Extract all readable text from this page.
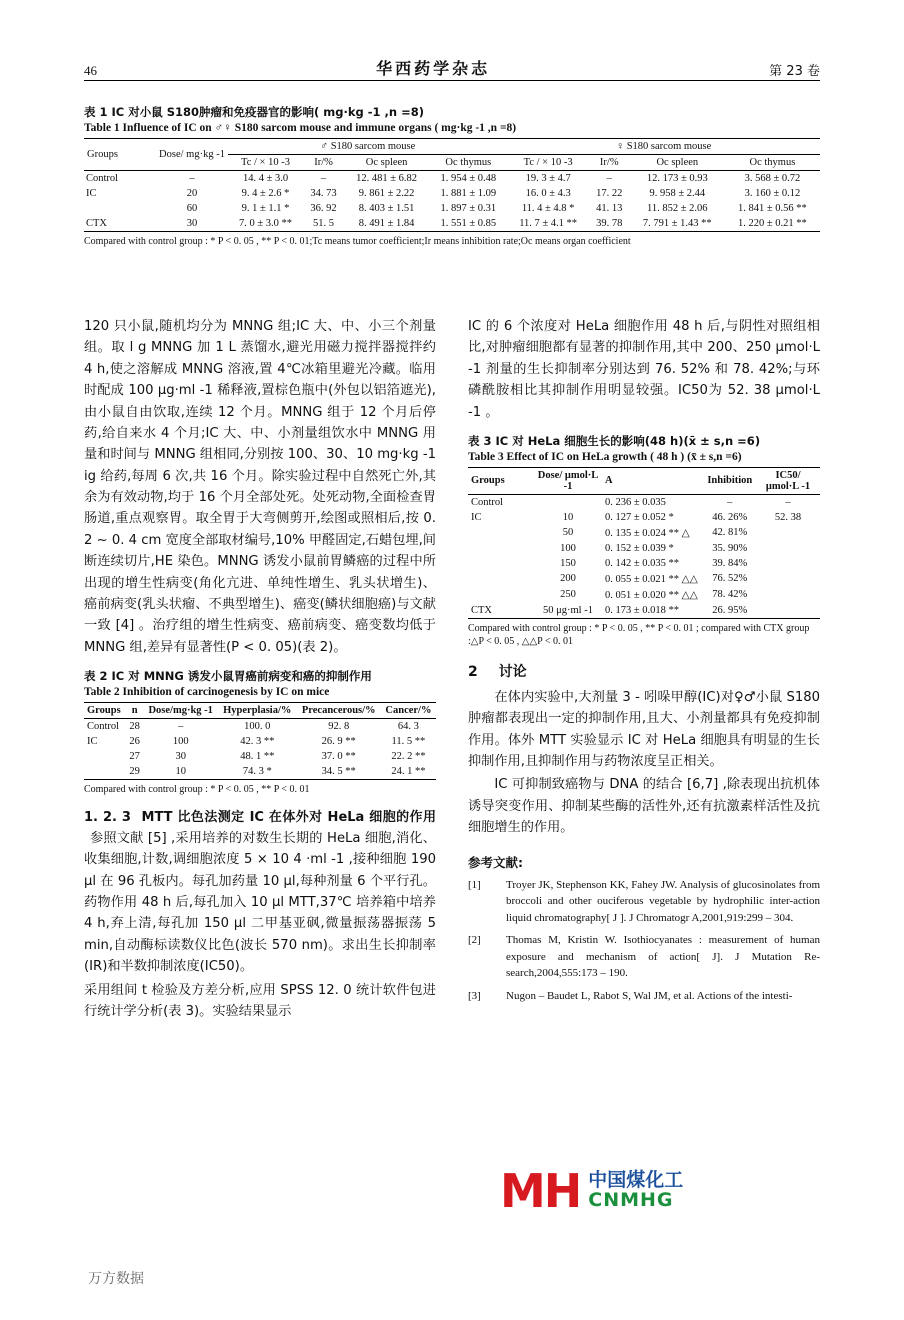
46	华西药学杂志	第 23 卷
表 1 IC 对小鼠 S180肿瘤和免疫器官的影响( mg·kg -1 ,n =8)
Table 1 Influence of IC on ♂♀ S180 sarcom mouse and immune organs ( mg·kg -1 ,n =8)
Groups	Dose/ mg·kg -1	♂ S180 sarcom mouse				♀ S180 sarcom mouse			
		Tc / × 10 -3	Ir/%	Oc spleen	Oc thymus	Tc / × 10 -3	Ir/%	Oc spleen	Oc thymus
Control	–	14. 4 ± 3.0	–	12. 481 ± 6.82	1. 954 ± 0.48	19. 3 ± 4.7	–	12. 173 ± 0.93	3. 568 ± 0.72
IC	20	9. 4 ± 2.6 *	34. 73	9. 861 ± 2.22	1. 881 ± 1.09	16. 0 ± 4.3	17. 22	9. 958 ± 2.44	3. 160 ± 0.12
	60	9. 1 ± 1.1 *	36. 92	8. 403 ± 1.51	1. 897 ± 0.31	11. 4 ± 4.8 *	41. 13	11. 852 ± 2.06	1. 841 ± 0.56 **
CTX	30	7. 0 ± 3.0 **	51. 5	8. 491 ± 1.84	1. 551 ± 0.85	11. 7 ± 4.1 **	39. 78	7. 791 ± 1.43 **	1. 220 ± 0.21 **
Compared with control group : * P < 0. 05 , ** P < 0. 01;Tc means tumor coefficient;Ir means inhibition rate;Oc means organ coefficient
120 只小鼠,随机均分为 MNNG 组;IC 大、中、小三个剂量组。取 l g MNNG 加 1 L 蒸馏水,避光用磁力搅拌器搅拌约 4 h,使之溶解成 MNNG 溶液,置 4℃冰箱里避光冷藏。临用时配成 100 μg·ml -1 稀释液,置棕色瓶中(外包以铝箔遮光),由小鼠自由饮取,连续 12 个月。MNNG 组于 12 个月后停药,给自来水 4 个月;IC 大、中、小剂量组饮水中 MNNG 用量和时间与 MNNG 组相同,分别按 100、30、10 mg·kg -1 ig 给药,每周 6 次,共 16 个月。除实验过程中自然死亡外,其余为有效动物,均于 16 个月全部处死。处死动物,全面检查胃肠道,重点观察胃。取全胃于大弯侧剪开,绘图或照相后,按 0. 2 ~ 0. 4 cm 宽度全部取材编号,10% 甲醛固定,石蜡包埋,间断连续切片,HE 染色。MNNG 诱发小鼠前胃鳞癌的过程中所出现的增生性病变(角化亢进、单纯性增生、乳头状增生)、癌前病变(乳头状瘤、不典型增生)、癌变(鳞状细胞癌)与文献一致 [4] 。治疗组的增生性病变、癌前病变、癌变数均低于 MNNG 组,差异有显著性(P < 0. 05)(表 2)。
表 2 IC 对 MNNG 诱发小鼠胃癌前病变和癌的抑制作用
Table 2 Inhibition of carcinogenesis by IC on mice
Groups	n	Dose/mg·kg -1	Hyperplasia/%	Precancerous/%	Cancer/%
Control	28	–	100. 0	92. 8	64. 3
IC	26	100	42. 3 **	26. 9 **	11. 5 **
	27	30	48. 1 **	37. 0 **	22. 2 **
	29	10	74. 3 *	34. 5 **	24. 1 **
Compared with control group : * P < 0. 05 , ** P < 0. 01
1. 2. 3 MTT 比色法测定 IC 在体外对 HeLa 细胞的作用 参照文献 [5] ,采用培养的对数生长期的 HeLa 细胞,消化、收集细胞,计数,调细胞浓度 5 × 10 4 ·ml -1 ,接种细胞 190 μl 在 96 孔板内。每孔加药量 10 μl,每种剂量 6 个平行孔。药物作用 48 h 后,每孔加入 10 μl MTT,37℃ 培养箱中培养 4 h,弃上清,每孔加 150 μl 二甲基亚砜,微量振荡器振荡 5 min,自动酶标读数仪比色(波长 570 nm)。求出生长抑制率(IR)和半数抑制浓度(IC50)。
采用组间 t 检验及方差分析,应用 SPSS 12. 0 统计软件包进行统计学分析(表 3)。实验结果显示
IC 的 6 个浓度对 HeLa 细胞作用 48 h 后,与阴性对照组相比,对肿瘤细胞都有显著的抑制作用,其中 200、250 μmol·L -1 剂量的生长抑制率分别达到 76. 52% 和 78. 42%;与环磷酰胺相比其抑制作用明显较强。IC50为 52. 38 μmol·L -1 。
表 3 IC 对 HeLa 细胞生长的影响(48 h)(x̄ ± s,n =6)
Table 3 Effect of IC on HeLa growth ( 48 h ) (x̄ ± s,n =6)
Groups	Dose/ μmol·L -1	A	Inhibition	IC50/ μmol·L -1
Control		0. 236 ± 0.035	–	–
IC	10	0. 127 ± 0.052 *	46. 26%	52. 38
	50	0. 135 ± 0.024 ** △	42. 81%	
	100	0. 152 ± 0.039 *	35. 90%	
	150	0. 142 ± 0.035 **	39. 84%	
	200	0. 055 ± 0.021 ** △△	76. 52%	
	250	0. 051 ± 0.020 ** △△	78. 42%	
CTX	50 μg·ml -1	0. 173 ± 0.018 **	26. 95%	
Compared with control group : * P < 0. 05 , ** P < 0. 01 ; compared with CTX group :△P < 0. 05 , △△P < 0. 01
2 讨论
在体内实验中,大剂量 3 - 吲哚甲醇(IC)对♀♂小鼠 S180肿瘤都表现出一定的抑制作用,且大、小剂量都具有免疫抑制作用。体外 MTT 实验显示 IC 对 HeLa 细胞具有明显的生长抑制作用,且抑制作用与药物浓度呈正相关。
IC 可抑制致癌物与 DNA 的结合 [6,7] ,除表现出抗机体诱导突变作用、抑制某些酶的活性外,还有抗激素样活性及抗细胞增生的作用。
参考文献:
[1]	Troyer JK, Stephenson KK, Fahey JW. Analysis of glucosinolates from broccoli and other ouciferous vegetable by hydrophilic inter-action liquid chromatography[ J ]. J Chromatogr A,2001,919:299 – 304.
[2]	Thomas M, Kristin W. Isothiocyanates : measurement of human exposure and mechanism of action[ J]. J Mutation Re-search,2004,555:173 – 190.
[3]	Nugon – Baudet L, Rabot S, Wal JM, et al. Actions of the intesti-
MH 中国煤化工
CNMHG
万方数据
